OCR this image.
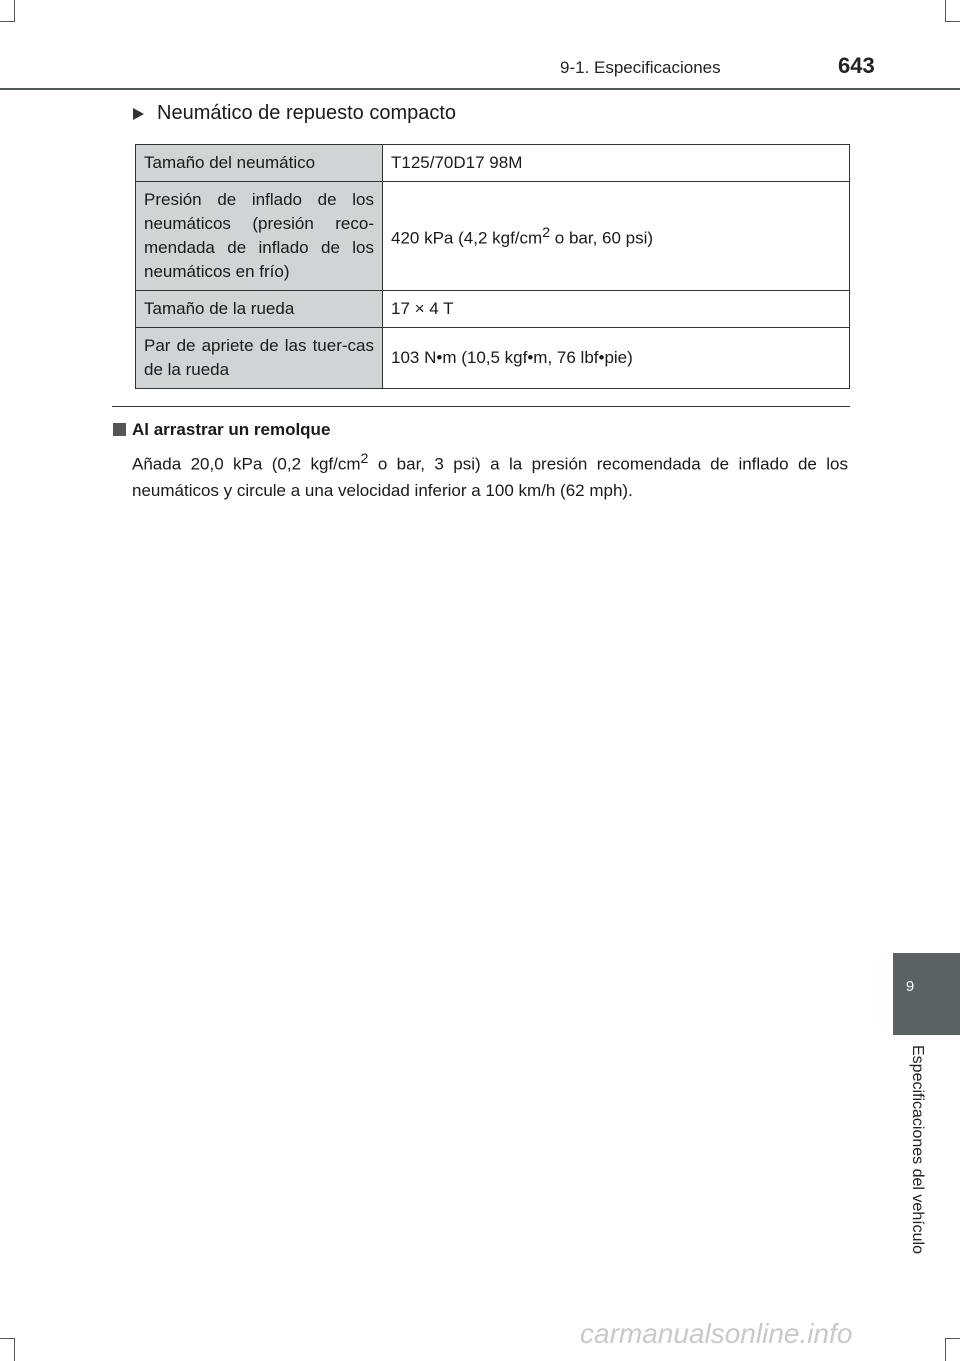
9-1. Especificaciones	643
Neumático de repuesto compacto
Tamaño del neumático	T125/70D17 98M
Presión de inflado de los neumáticos (presión reco-mendada de inflado de los neumáticos en frío)	420 kPa (4,2 kgf/$cm^2$ o bar, 60 psi)
Tamaño de la rueda	17 × 4 T
Par de apriete de las tuer-cas de la rueda	103 N•m (10,5 kgf•m, 76 lbf•pie)
Al arrastrar un remolque
Añada 20,0 kPa (0,2 kgf/$cm^2$ o bar, 3 psi) a la presión recomendada de inflado de los neumáticos y circule a una velocidad inferior a 100 km/h (62 mph).
9
Especificaciones del vehículo
carmanualsonline.info
